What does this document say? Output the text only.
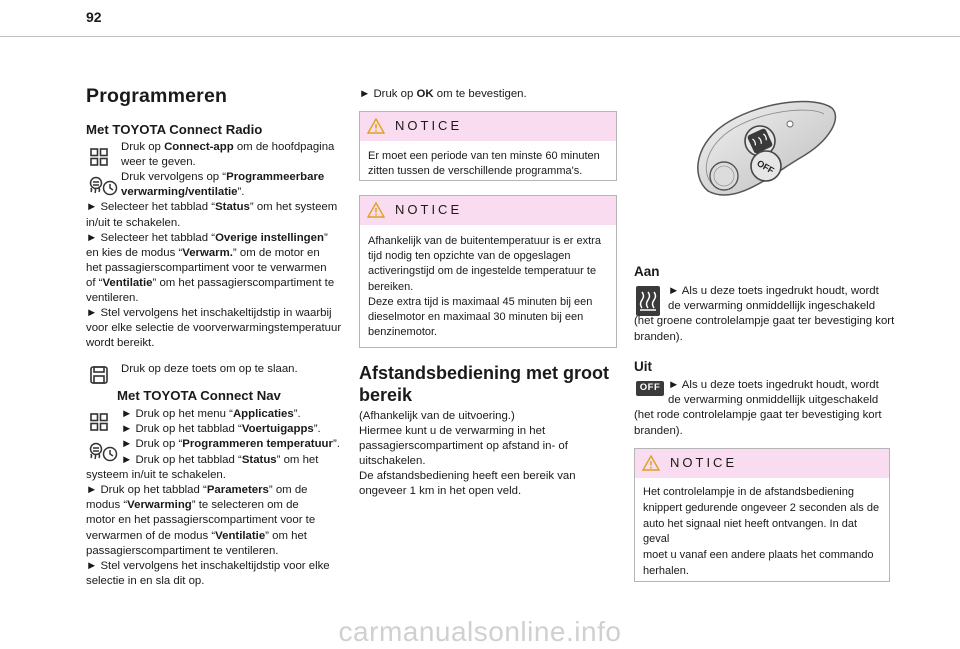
92
Programmeren
Met TOYOTA Connect Radio
Druk op Connect-app om de hoofdpagina
weer te geven.
Druk vervolgens op “Programmeerbare
verwarming/ventilatie”.
► Selecteer het tabblad “Status” om het systeem
in/uit te schakelen.
► Selecteer het tabblad “Overige instellingen”
en kies de modus “Verwarm.” om de motor en
het passagierscompartiment voor te verwarmen
of “Ventilatie” om het passagierscompartiment te
ventileren.
► Stel vervolgens het inschakeltijdstip in waarbij
voor elke selectie de voorverwarmingstemperatuur
wordt bereikt.
Druk op deze toets om op te slaan.
Met TOYOTA Connect Nav
► Druk op het menu “Applicaties”.
► Druk op het tabblad “Voertuigapps”.
► Druk op “Programmeren temperatuur”.
► Druk op het tabblad “Status” om het
systeem in/uit te schakelen.
► Druk op het tabblad “Parameters” om de
modus “Verwarming” te selecteren om de
motor en het passagierscompartiment voor te
verwarmen of de modus “Ventilatie” om het
passagierscompartiment te ventileren.
► Stel vervolgens het inschakeltijdstip voor elke
selectie in en sla dit op.
► Druk op OK om te bevestigen.
NOTICE
Er moet een periode van ten minste 60 minuten
zitten tussen de verschillende programma's.
NOTICE
Afhankelijk van de buitentemperatuur is er extra
tijd nodig ten opzichte van de opgeslagen
activeringstijd om de ingestelde temperatuur te
bereiken.
Deze extra tijd is maximaal 45 minuten bij een
dieselmotor en maximaal 30 minuten bij een
benzinemotor.
Afstandsbediening met groot
bereik
(Afhankelijk van de uitvoering.)
Hiermee kunt u de verwarming in het
passagierscompartiment op afstand in- of
uitschakelen.
De afstandsbediening heeft een bereik van
ongeveer 1 km in het open veld.
OFF
Aan
► Als u deze toets ingedrukt houdt, wordt
de verwarming onmiddellijk ingeschakeld
(het groene controlelampje gaat ter bevestiging kort
branden).
Uit
OFF ► Als u deze toets ingedrukt houdt, wordt
de verwarming onmiddellijk uitgeschakeld
(het rode controlelampje gaat ter bevestiging kort
branden).
NOTICE
Het controlelampje in de afstandsbediening
knippert gedurende ongeveer 2 seconden als de
auto het signaal niet heeft ontvangen. In dat
geval
moet u vanaf een andere plaats het commando
herhalen.
carmanualsonline.info
